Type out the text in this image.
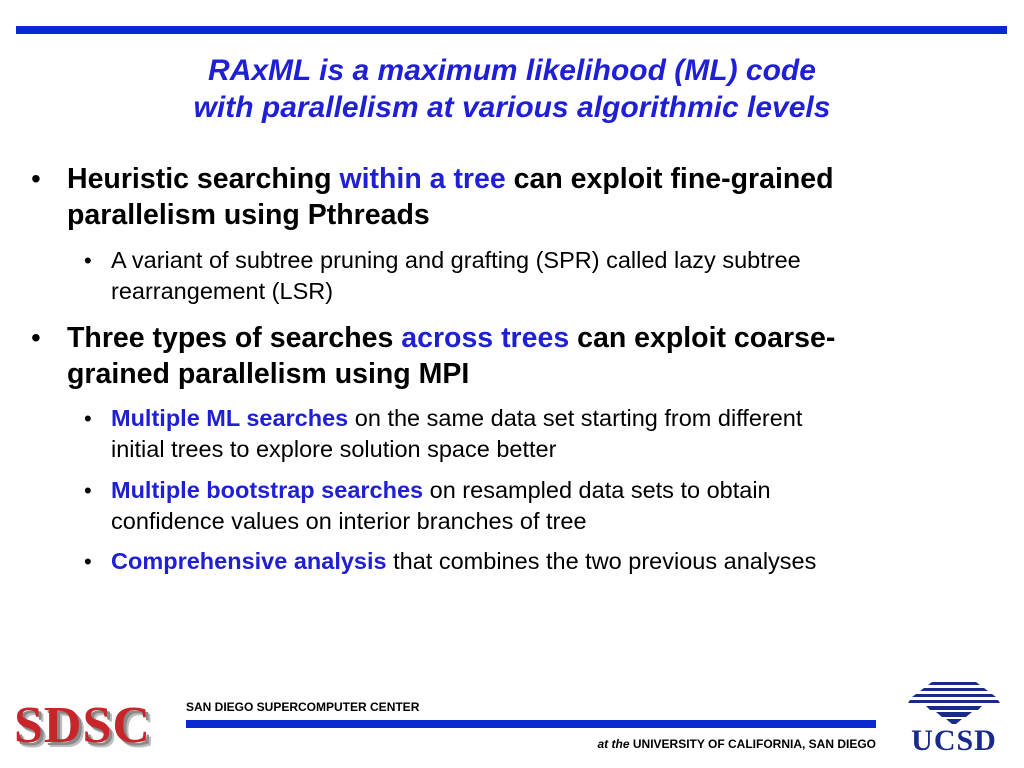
RAxML is a maximum likelihood (ML) code
with parallelism at various algorithmic levels
• Heuristic searching within a tree can exploit fine-grained
parallelism using Pthreads
• A variant of subtree pruning and grafting (SPR) called lazy subtree
rearrangement (LSR)
• Three types of searches across trees can exploit coarse-
grained parallelism using MPI
• Multiple ML searches on the same data set starting from different
initial trees to explore solution space better
• Multiple bootstrap searches on resampled data sets to obtain
confidence values on interior branches of tree
• Comprehensive analysis that combines the two previous analyses
SDSC	SAN DIEGO SUPERCOMPUTER CENTER
at the UNIVERSITY OF CALIFORNIA, SAN DIEGO	UCSD
